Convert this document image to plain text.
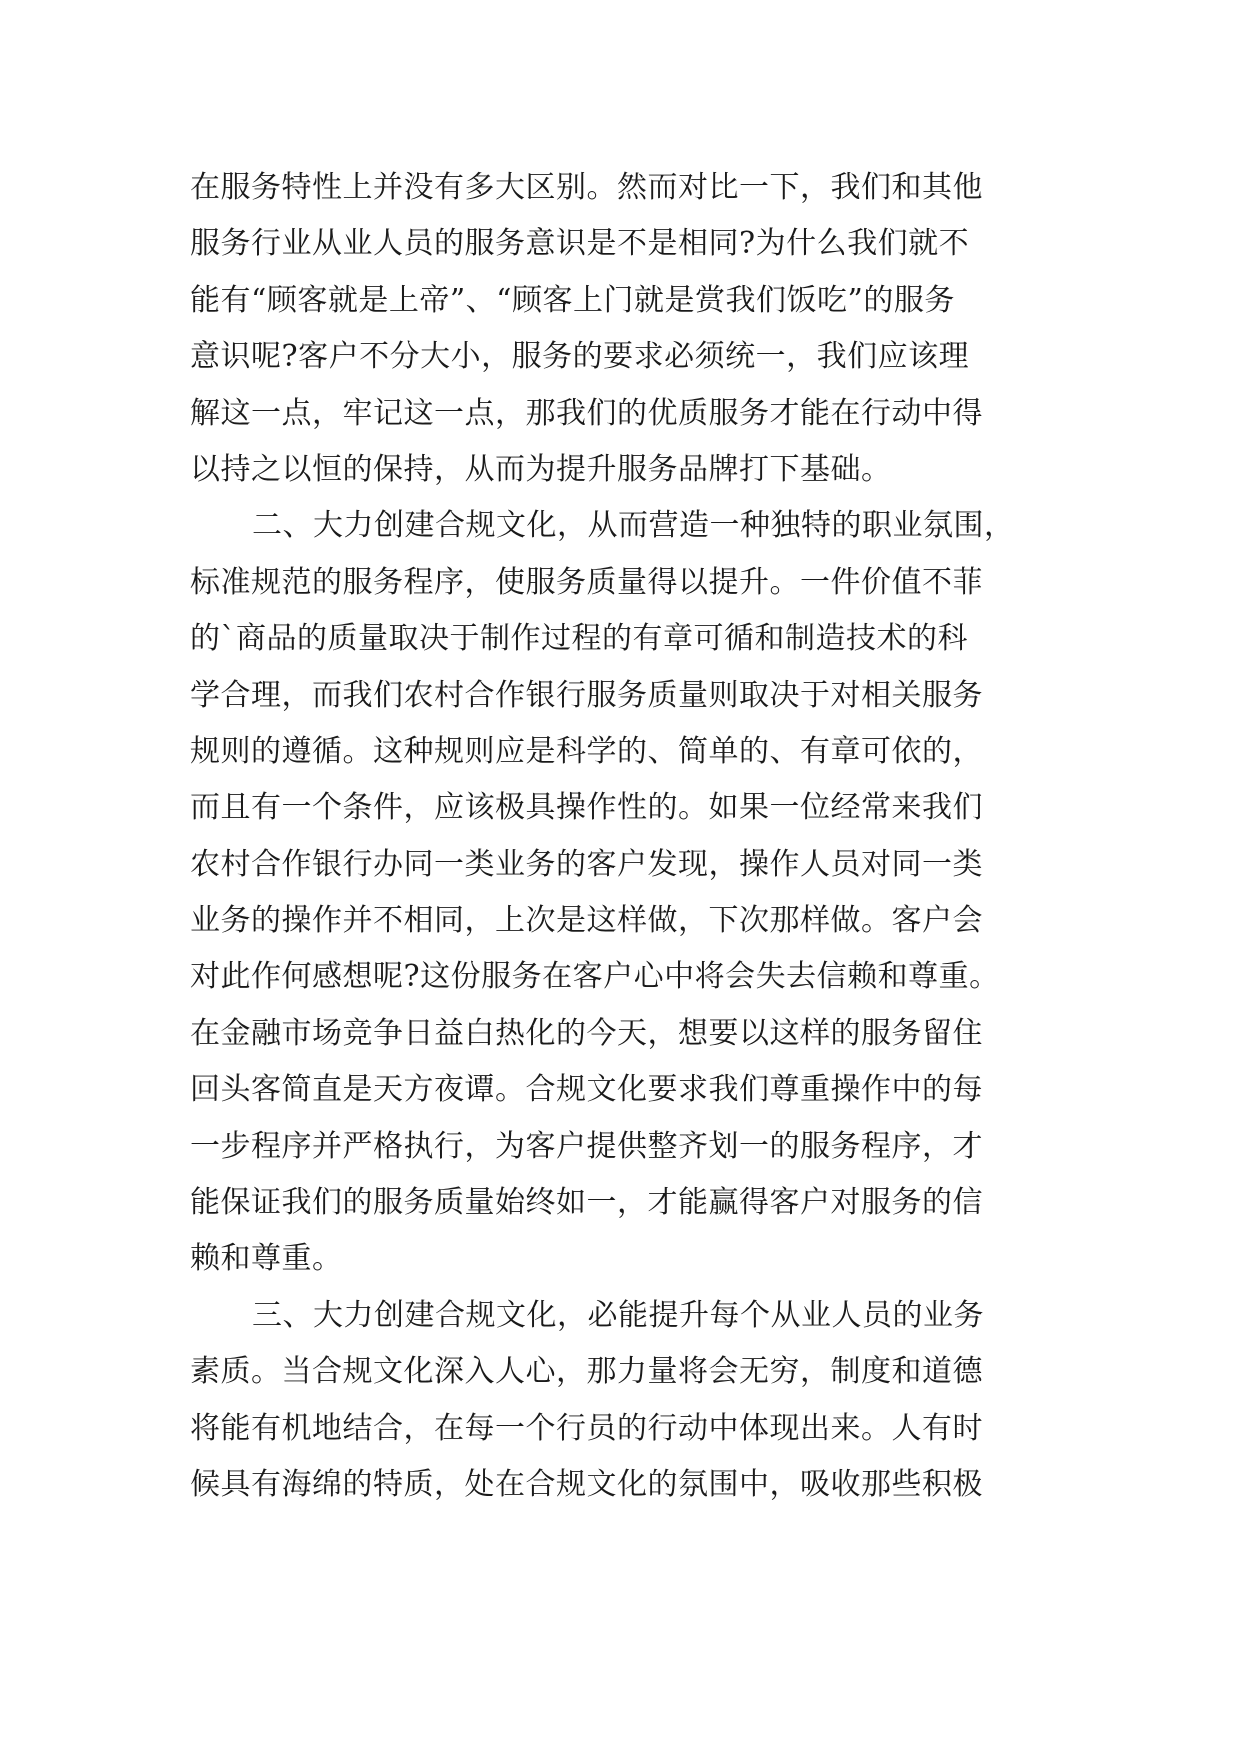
在服务特性上并没有多大区别。然而对比一下，我们和其他
服务行业从业人员的服务意识是不是相同?为什么我们就不
能有“顾客就是上帝”、“顾客上门就是赏我们饭吃”的服务
意识呢?客户不分大小，服务的要求必须统一，我们应该理
解这一点，牢记这一点，那我们的优质服务才能在行动中得
以持之以恒的保持，从而为提升服务品牌打下基础。
二、大力创建合规文化，从而营造一种独特的职业氛围，
标准规范的服务程序，使服务质量得以提升。一件价值不菲
的`商品的质量取决于制作过程的有章可循和制造技术的科
学合理，而我们农村合作银行服务质量则取决于对相关服务
规则的遵循。这种规则应是科学的、简单的、有章可依的，
而且有一个条件，应该极具操作性的。如果一位经常来我们
农村合作银行办同一类业务的客户发现，操作人员对同一类
业务的操作并不相同，上次是这样做，下次那样做。客户会
对此作何感想呢?这份服务在客户心中将会失去信赖和尊重。
在金融市场竞争日益白热化的今天，想要以这样的服务留住
回头客简直是天方夜谭。合规文化要求我们尊重操作中的每
一步程序并严格执行，为客户提供整齐划一的服务程序，才
能保证我们的服务质量始终如一，才能赢得客户对服务的信
赖和尊重。
三、大力创建合规文化，必能提升每个从业人员的业务
素质。当合规文化深入人心，那力量将会无穷，制度和道德
将能有机地结合，在每一个行员的行动中体现出来。人有时
候具有海绵的特质，处在合规文化的氛围中，吸收那些积极
